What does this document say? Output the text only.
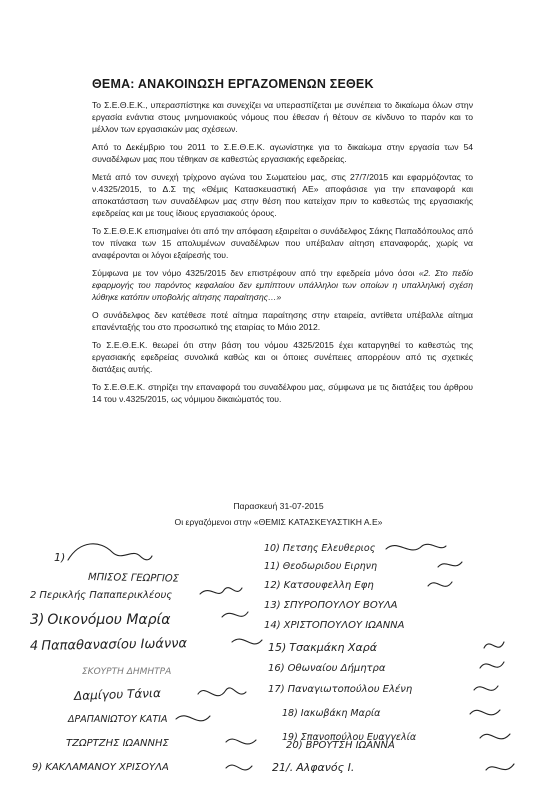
ΘΕΜΑ: ΑΝΑΚΟΙΝΩΣΗ ΕΡΓΑΖΟΜΕΝΩΝ ΣΕΘΕΚ

Το Σ.Ε.Θ.Ε.Κ., υπερασπίστηκε και συνεχίζει να υπερασπίζεται με συνέπεια το δικαίωμα όλων στην εργασία ενάντια στους μνημονιακούς νόμους που έθεσαν ή θέτουν σε κίνδυνο το παρόν και το μέλλον των εργασιακών μας σχέσεων.

Από το Δεκέμβριο του 2011 το Σ.Ε.Θ.Ε.Κ. αγωνίστηκε για το δικαίωμα στην εργασία των 54 συναδέλφων μας που τέθηκαν σε καθεστώς εργασιακής εφεδρείας.

Μετά από τον συνεχή τρίχρονο αγώνα του Σωματείου μας, στις 27/7/2015 και εφαρμόζοντας το ν.4325/2015, το Δ.Σ της «Θέμις Κατασκευαστική ΑΕ» αποφάσισε για την επαναφορά και αποκατάσταση των συναδέλφων μας στην θέση που κατείχαν πριν το καθεστώς της εργασιακής εφεδρείας και με τους ίδιους εργασιακούς όρους.

Το Σ.Ε.Θ.Ε.Κ επισημαίνει ότι από την απόφαση εξαιρείται ο συνάδελφος Σάκης Παπαδόπουλος από τον πίνακα των 15 απολυμένων συναδέλφων που υπέβαλαν αίτηση επαναφοράς, χωρίς να αναφέρονται οι λόγοι εξαίρεσής του.

Σύμφωνα με τον νόμο 4325/2015 δεν επιστρέφουν από την εφεδρεία μόνο όσοι «2. Στο πεδίο εφαρμογής του παρόντος κεφαλαίου δεν εμπίπτουν υπάλληλοι των οποίων η υπαλληλική σχέση λύθηκε κατόπιν υποβολής αίτησης παραίτησης…»

Ο συνάδελφος δεν κατέθεσε ποτέ αίτημα παραίτησης στην εταιρεία, αντίθετα υπέβαλλε αίτημα επανένταξής του στο προσωπικό της εταιρίας το Μάιο 2012.

Το Σ.Ε.Θ.Ε.Κ. θεωρεί ότι στην βάση του νόμου 4325/2015 έχει καταργηθεί το καθεστώς της εργασιακής εφεδρείας συνολικά καθώς και οι όποιες συνέπειες απορρέουν από τις σχετικές διατάξεις αυτής.

Το Σ.Ε.Θ.Ε.Κ. στηρίζει την επαναφορά του συναδέλφου μας, σύμφωνα με τις διατάξεις του άρθρου 14 του ν.4325/2015, ως νόμιμου δικαιώματός του.

Παρασκευή 31-07-2015
Οι εργαζόμενοι στην «ΘΕΜΙΣ ΚΑΤΑΣΚΕΥΑΣΤΙΚΗ Α.Ε»
1)
ΜΠΙΣΟΣ ΓΕΩΡΓΙΟΣ
2 Περικλής Παπαπερικλέους
3) Οικονόμου Μαρία
4 Παπαθανασίου Ιωάννα
ΣΚΟΥΡΤΗ ΔΗΜΗΤΡΑ
Δαμίγου Τάνια
ΔΡΑΠΑΝΙΩΤΟΥ ΚΑΤΙΑ
ΤΖΩΡΤΖΗΣ ΙΩΑΝΝΗΣ
9) ΚΑΚΛΑΜΑΝΟΥ ΧΡΙΣΟΥΛΑ
10) Πετσης Ελευθεριος
11) Θεοδωριδου Ειρηνη
12) Κατσουφελλη Εφη
13) ΣΠΥΡΟΠΟΥΛΟΥ ΒΟΥΛΑ
14) ΧΡΙΣΤΟΠΟΥΛΟΥ ΙΩΑΝΝΑ
15) Τσακμάκη Χαρά
16) Οθωναίου Δήμητρα
17) Παναγιωτοπούλου Ελένη
18) Ιακωβάκη Μαρία
19) Σπανοπούλου Ευαγγελία
20) ΒΡΟΥΤΣΗ ΙΩΑΝΝΑ
21/. Αλφανός Ι.
